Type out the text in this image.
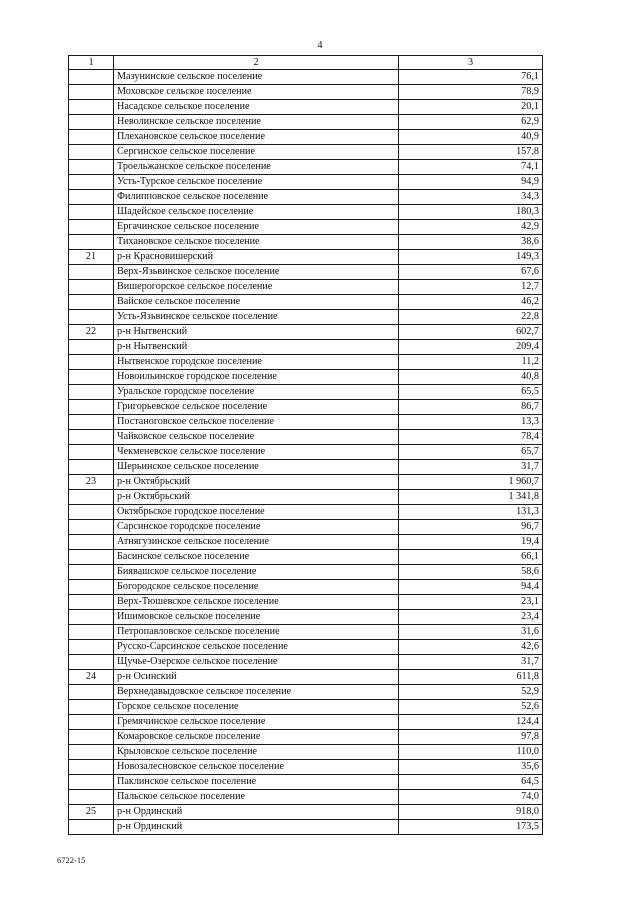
4
1	2	3
	Мазунинское сельское поселение	76,1
	Моховское сельское поселение	78,9
	Насадское сельское поселение	20,1
	Неволинское сельское поселение	62,9
	Плехановское сельское поселение	40,9
	Сергинское сельское поселение	157,8
	Троельжанское сельское поселение	74,1
	Усть-Турское сельское поселение	94,9
	Филипповское сельское поселение	34,3
	Шадейское сельское поселение	180,3
	Ергачинское сельское поселение	42,9
	Тихановское сельское поселение	38,6
21	р-н Красновишерский	149,3
	Верх-Язьвинское сельское поселение	67,6
	Вишерогорское сельское поселение	12,7
	Вайское сельское поселение	46,2
	Усть-Язьвинское сельское поселение	22,8
22	р-н Нытвенский	602,7
	р-н Нытвенский	209,4
	Нытвенское городское поселение	11,2
	Новоильинское городское поселение	40,8
	Уральское городское поселение	65,5
	Григорьевское сельское поселение	86,7
	Постаноговское сельское поселение	13,3
	Чайковское сельское поселение	78,4
	Чекменевское сельское поселение	65,7
	Шерьинское сельское поселение	31,7
23	р-н Октябрьский	1 960,7
	р-н Октябрьский	1 341,8
	Октябрьское городское поселение	131,3
	Сарсинское городское поселение	96,7
	Атнягузинское сельское поселение	19,4
	Басинское сельское поселение	66,1
	Биявашское сельское поселение	58,6
	Богородское сельское поселение	94,4
	Верх-Тюшевское сельское поселение	23,1
	Ишимовское сельское поселение	23,4
	Петропавловское сельское поселение	31,6
	Русско-Сарсинское сельское поселение	42,6
	Щучье-Озерское сельское поселение	31,7
24	р-н Осинский	611,8
	Верхнедавыдовское сельское поселение	52,9
	Горское сельское поселение	52,6
	Гремячинское сельское поселение	124,4
	Комаровское сельское поселение	97,8
	Крыловское сельское поселение	110,0
	Новозалесновское сельское поселение	35,6
	Паклинское сельское поселение	64,5
	Пальское сельское поселение	74,0
25	р-н Ординский	918,0
	р-н Ординский	173,5
6722-15
